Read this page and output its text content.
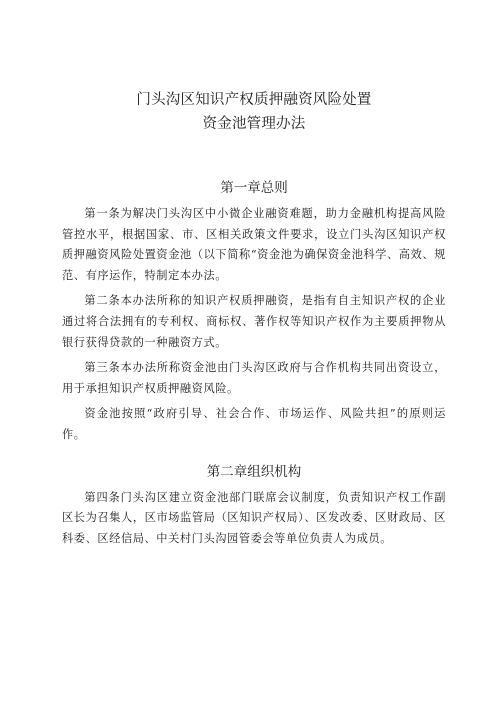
门头沟区知识产权质押融资风险处置
资金池管理办法
第一章总则

第一条为解决门头沟区中小微企业融资难题，助力金融机构提高风险管控水平，根据国家、市、区相关政策文件要求，设立门头沟区知识产权质押融资风险处置资金池（以下简称“资金池为确保资金池科学、高效、规范、有序运作，特制定本办法。

第二条本办法所称的知识产权质押融资，是指有自主知识产权的企业通过将合法拥有的专利权、商标权、著作权等知识产权作为主要质押物从银行获得贷款的一种融资方式。

第三条本办法所称资金池由门头沟区政府与合作机构共同出资设立，用于承担知识产权质押融资风险。

资金池按照“政府引导、社会合作、市场运作、风险共担”的原则运作。

第二章组织机构

第四条门头沟区建立资金池部门联席会议制度，负责知识产权工作副区长为召集人，区市场监管局（区知识产权局）、区发改委、区财政局、区科委、区经信局、中关村门头沟园管委会等单位负责人为成员。
